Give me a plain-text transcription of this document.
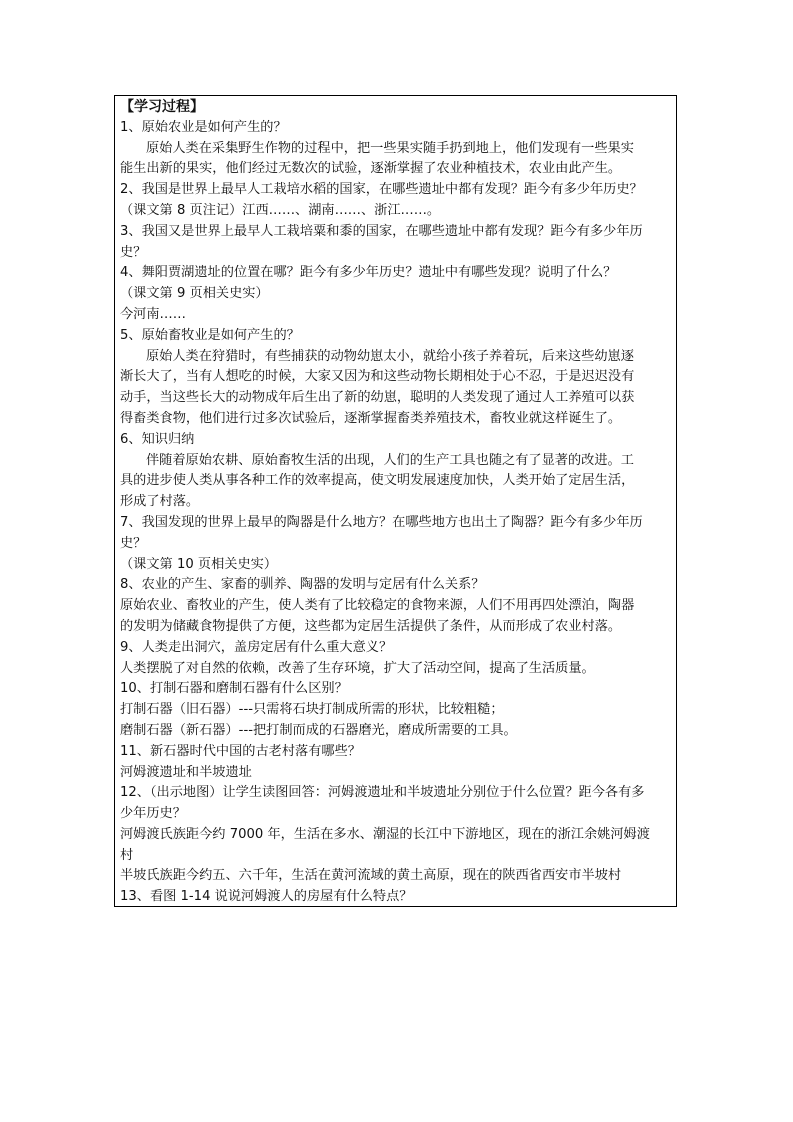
【学习过程】
1、原始农业是如何产生的？
原始人类在采集野生作物的过程中，把一些果实随手扔到地上，他们发现有一些果实
能生出新的果实，他们经过无数次的试验，逐渐掌握了农业种植技术，农业由此产生。
2、我国是世界上最早人工栽培水稻的国家，在哪些遗址中都有发现？距今有多少年历史？
（课文第 8 页注记）江西……、湖南……、浙江……。
3、我国又是世界上最早人工栽培粟和黍的国家，在哪些遗址中都有发现？距今有多少年历
史？
4、舞阳贾湖遗址的位置在哪？距今有多少年历史？遗址中有哪些发现？说明了什么？
（课文第 9 页相关史实）
今河南……
5、原始畜牧业是如何产生的？
原始人类在狩猎时，有些捕获的动物幼崽太小，就给小孩子养着玩，后来这些幼崽逐
渐长大了，当有人想吃的时候，大家又因为和这些动物长期相处于心不忍，于是迟迟没有
动手，当这些长大的动物成年后生出了新的幼崽，聪明的人类发现了通过人工养殖可以获
得畜类食物，他们进行过多次试验后，逐渐掌握畜类养殖技术，畜牧业就这样诞生了。
6、知识归纳
伴随着原始农耕、原始畜牧生活的出现，人们的生产工具也随之有了显著的改进。工
具的进步使人类从事各种工作的效率提高，使文明发展速度加快，人类开始了定居生活，
形成了村落。
7、我国发现的世界上最早的陶器是什么地方？在哪些地方也出土了陶器？距今有多少年历
史？
（课文第 10 页相关史实）
8、农业的产生、家畜的驯养、陶器的发明与定居有什么关系？
原始农业、畜牧业的产生，使人类有了比较稳定的食物来源，人们不用再四处漂泊，陶器
的发明为储藏食物提供了方便，这些都为定居生活提供了条件，从而形成了农业村落。
9、人类走出洞穴，盖房定居有什么重大意义？
人类摆脱了对自然的依赖，改善了生存环境，扩大了活动空间，提高了生活质量。
10、打制石器和磨制石器有什么区别？
打制石器（旧石器）---只需将石块打制成所需的形状，比较粗糙；
磨制石器（新石器）---把打制而成的石器磨光，磨成所需要的工具。
11、新石器时代中国的古老村落有哪些？
河姆渡遗址和半坡遗址
12、（出示地图）让学生读图回答：河姆渡遗址和半坡遗址分别位于什么位置？距今各有多
少年历史？
河姆渡氏族距今约 7000 年，生活在多水、潮湿的长江中下游地区，现在的浙江余姚河姆渡
村
半坡氏族距今约五、六千年，生活在黄河流域的黄土高原，现在的陕西省西安市半坡村
13、看图 1-14 说说河姆渡人的房屋有什么特点？
